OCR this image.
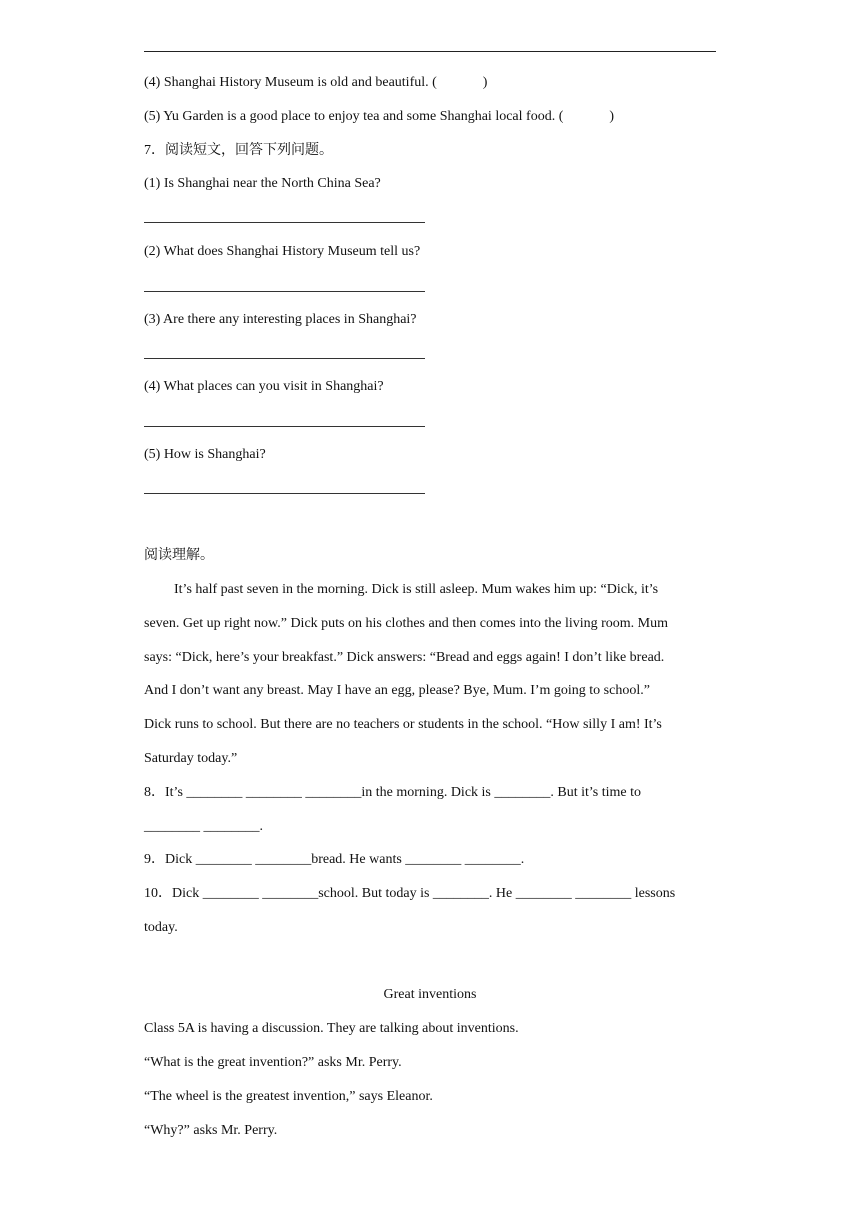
(4) Shanghai History Museum is old and beautiful. (	)
(5) Yu Garden is a good place to enjoy tea and some Shanghai local food. (	)
7．阅读短文，回答下列问题。
(1) Is Shanghai near the North China Sea?
(2) What does Shanghai History Museum tell us?
(3) Are there any interesting places in Shanghai?
(4) What places can you visit in Shanghai?
(5) How is Shanghai?
阅读理解。
It’s half past seven in the morning. Dick is still asleep. Mum wakes him up: “Dick, it’s
seven. Get up right now.” Dick puts on his clothes and then comes into the living room. Mum
says: “Dick, here’s your breakfast.” Dick answers: “Bread and eggs again! I don’t like bread.
And I don’t want any breast. May I have an egg, please? Bye, Mum. I’m going to school.”
Dick runs to school. But there are no teachers or students in the school. “How silly I am! It’s
Saturday today.”
8．It’s ________ ________ ________in the morning. Dick is ________. But it’s time to
________ ________.
9．Dick ________ ________bread. He wants ________ ________.
10．Dick ________ ________school. But today is ________. He ________ ________ lessons
today.
Great inventions
Class 5A is having a discussion. They are talking about inventions.
“What is the great invention?” asks Mr. Perry.
“The wheel is the greatest invention,” says Eleanor.
“Why?” asks Mr. Perry.
